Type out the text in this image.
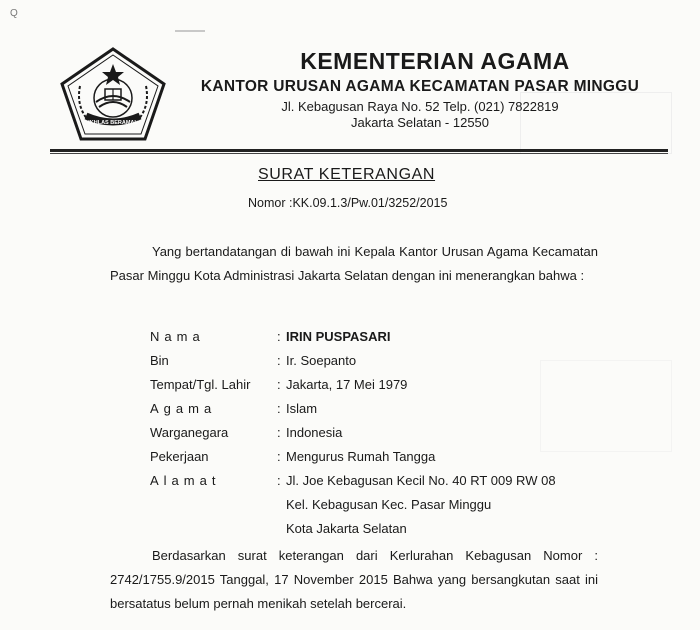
Q
IKHLAS BERAMAL
KEMENTERIAN AGAMA
KANTOR URUSAN AGAMA KECAMATAN PASAR MINGGU
Jl. Kebagusan Raya No. 52 Telp. (021) 7822819
Jakarta Selatan - 12550
SURAT KETERANGAN
Nomor :KK.09.1.3/Pw.01/3252/2015
Yang bertandatangan di bawah ini Kepala Kantor Urusan Agama Kecamatan Pasar Minggu Kota Administrasi Jakarta Selatan dengan ini menerangkan bahwa :
Nama	: IRIN PUSPASARI
Bin	: Ir. Soepanto
Tempat/Tgl. Lahir : Jakarta, 17 Mei 1979
Agama	: Islam
Warganegara	: Indonesia
Pekerjaan	: Mengurus Rumah Tangga
Alamat	: Jl. Joe Kebagusan Kecil No. 40 RT 009 RW 08
Kel. Kebagusan Kec. Pasar Minggu
Kota Jakarta Selatan
Berdasarkan surat keterangan dari Kerlurahan Kebagusan Nomor : 2742/1755.9/2015 Tanggal, 17 November 2015 Bahwa yang bersangkutan saat ini bersatatus belum pernah menikah setelah bercerai.
